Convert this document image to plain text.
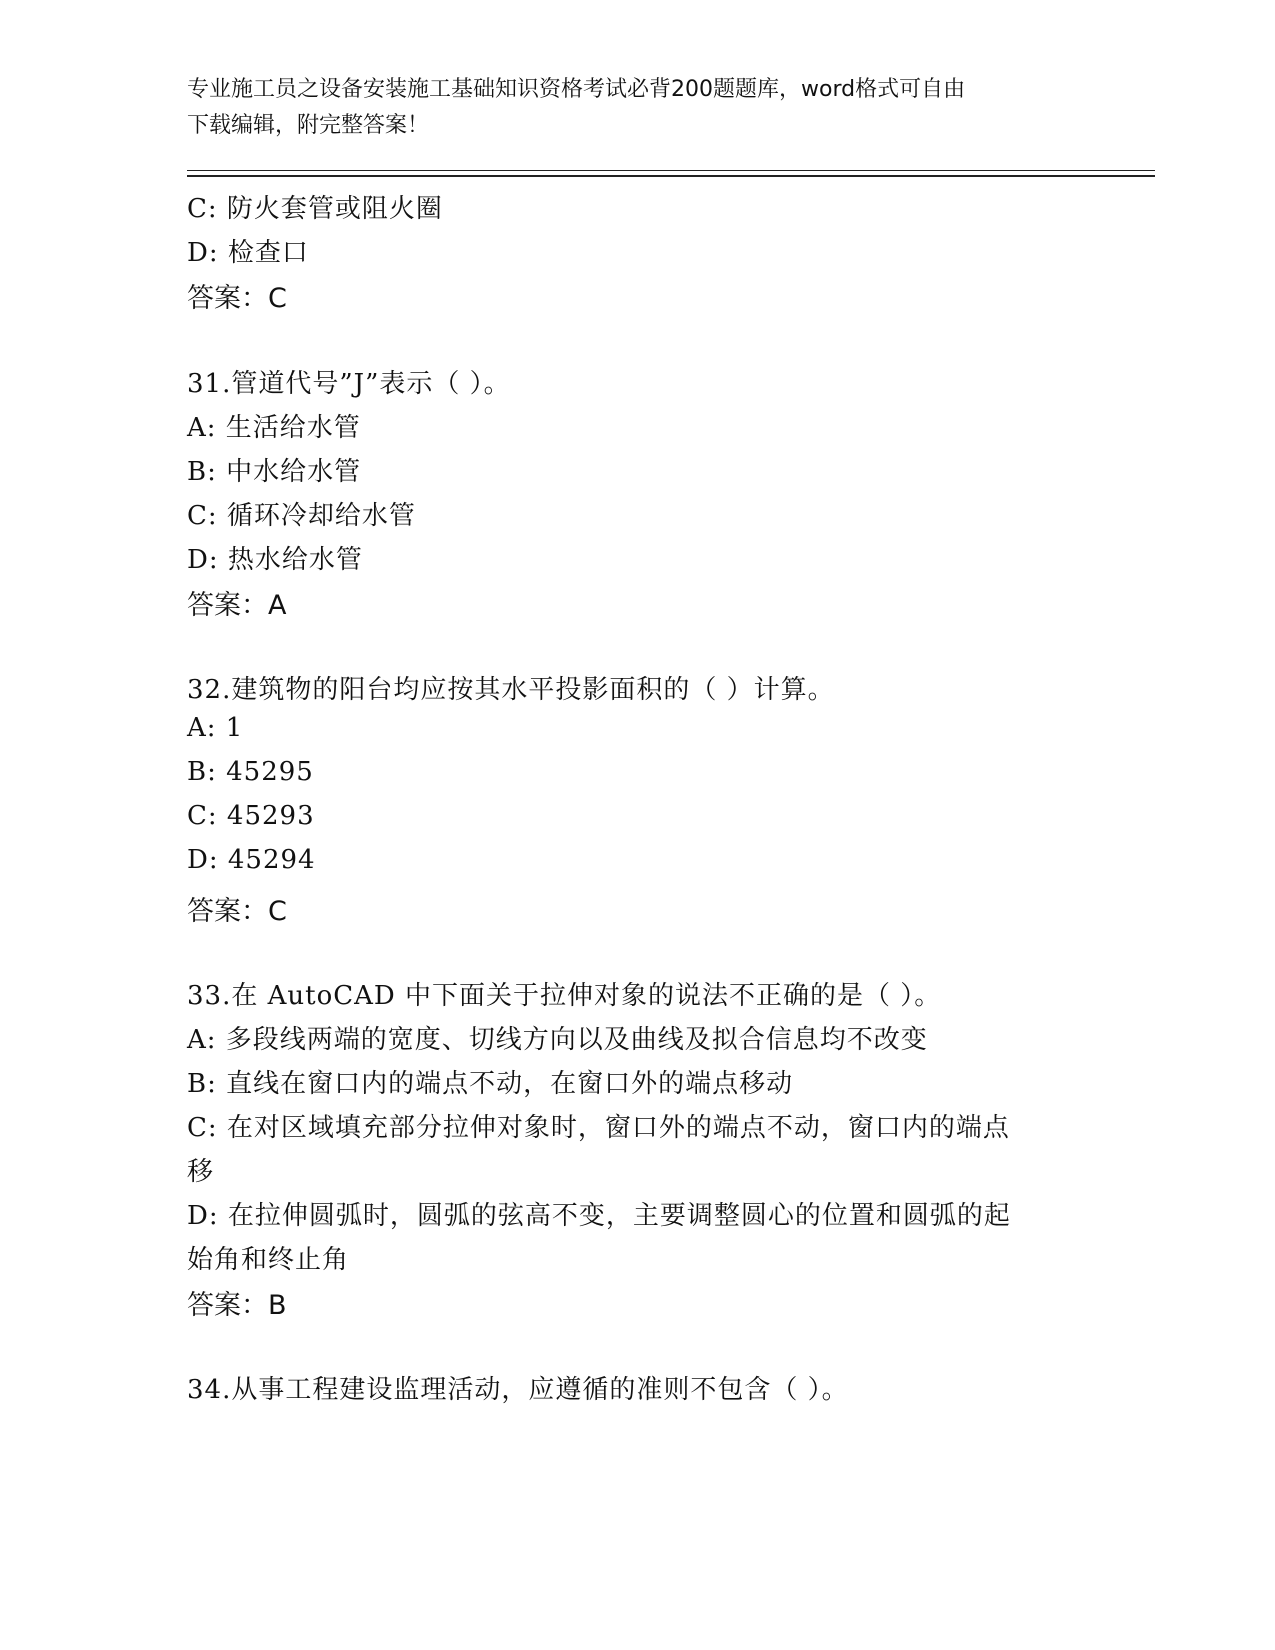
专业施工员之设备安装施工基础知识资格考试必背200题题库，word格式可自由
下载编辑，附完整答案！
C: 防火套管或阻火圈
D: 检查口
答案：C
31.管道代号”J”表示（ ）。
A: 生活给水管
B: 中水给水管
C: 循环冷却给水管
D: 热水给水管
答案：A
32.建筑物的阳台均应按其水平投影面积的（ ）计算。
A: 1
B: 45295
C: 45293
D: 45294
答案：C
33.在 AutoCAD 中下面关于拉伸对象的说法不正确的是（ ）。
A: 多段线两端的宽度、切线方向以及曲线及拟合信息均不改变
B: 直线在窗口内的端点不动，在窗口外的端点移动
C: 在对区域填充部分拉伸对象时，窗口外的端点不动，窗口内的端点
移
D: 在拉伸圆弧时，圆弧的弦高不变，主要调整圆心的位置和圆弧的起
始角和终止角
答案：B
34.从事工程建设监理活动，应遵循的准则不包含（ ）。
